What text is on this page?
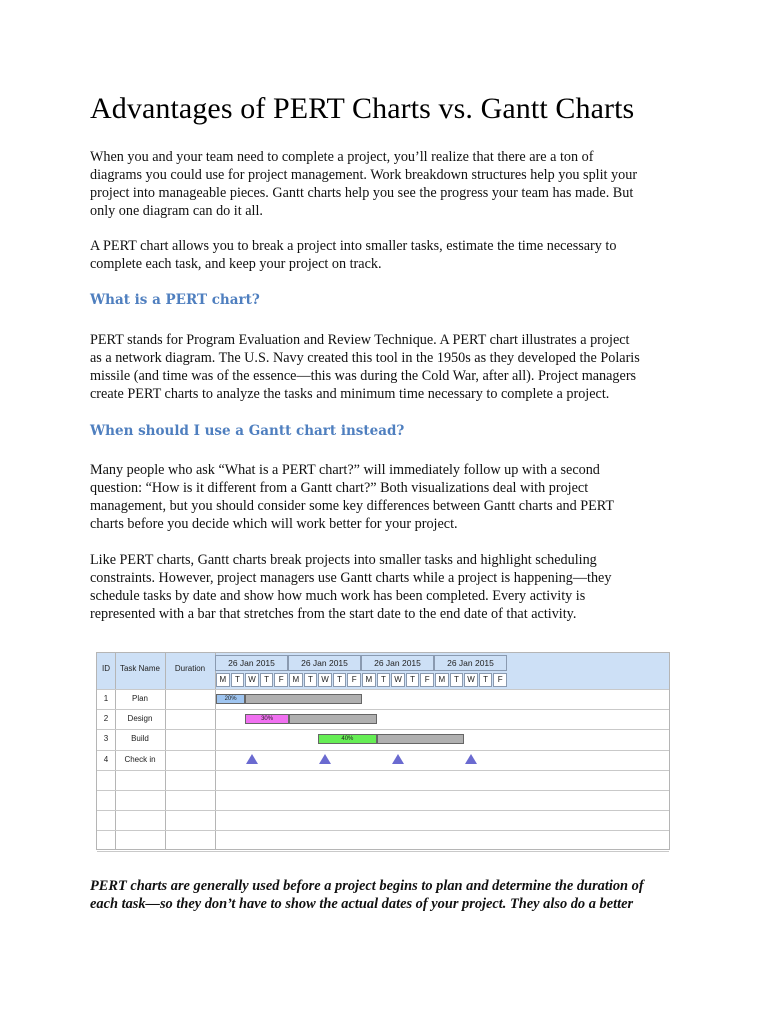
Advantages of PERT Charts vs. Gantt Charts
When you and your team need to complete a project, you’ll realize that there are a ton of
diagrams you could use for project management. Work breakdown structures help you split your
project into manageable pieces. Gantt charts help you see the progress your team has made. But
only one diagram can do it all.
A PERT chart allows you to break a project into smaller tasks, estimate the time necessary to
complete each task, and keep your project on track.
What is a PERT chart?
PERT stands for Program Evaluation and Review Technique. A PERT chart illustrates a project
as a network diagram. The U.S. Navy created this tool in the 1950s as they developed the Polaris
missile (and time was of the essence—this was during the Cold War, after all). Project managers
create PERT charts to analyze the tasks and minimum time necessary to complete a project.
When should I use a Gantt chart instead?
Many people who ask “What is a PERT chart?” will immediately follow up with a second
question: “How is it different from a Gantt chart?” Both visualizations deal with project
management, but you should consider some key differences between Gantt charts and PERT
charts before you decide which will work better for your project.
Like PERT charts, Gantt charts break projects into smaller tasks and highlight scheduling
constraints. However, project managers use Gantt charts while a project is happening—they
schedule tasks by date and show how much work has been completed. Every activity is
represented with a bar that stretches from the start date to the end date of that activity.
ID	Task Name	Duration
26 Jan 2015	26 Jan 2015	26 Jan 2015	26 Jan 2015
M	T	W	T	F	M	T	W	T	F	M	T	W	T	F	M	T	W	T	F
1	Plan
2	Design
3	Build
4	Check in
20%
30%
40%
PERT charts are generally used before a project begins to plan and determine the duration of
each task—so they don’t have to show the actual dates of your project. They also do a better
